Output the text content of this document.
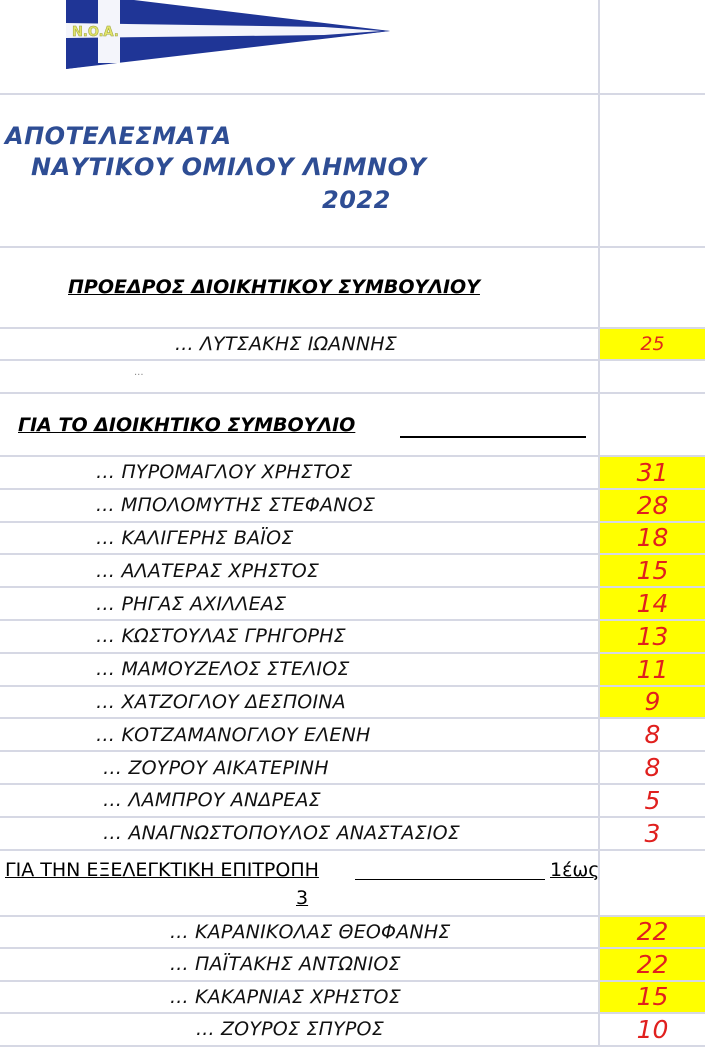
N.O.A.
ΑΠΟΤΕΛΕΣΜΑΤΑ
ΝΑΥΤΙΚΟΥ ΟΜΙΛΟΥ ΛΗΜΝΟΥ
2022
ΠΡΟΕΔΡΟΣ ΔΙΟΙΚΗΤΙΚΟΥ ΣΥΜΒΟΥΛΙΟΥ
... ΛΥΤΣΑΚΗΣ ΙΩΑΝΝΗΣ	25
...
ΓΙΑ ΤΟ ΔΙΟΙΚΗΤΙΚΟ ΣΥΜΒΟΥΛΙΟ
… ΠΥΡΟΜΑΓΛΟΥ ΧΡΗΣΤΟΣ	31
... ΜΠΟΛΟΜΥΤΗΣ ΣΤΕΦΑΝΟΣ	28
… ΚΑΛΙΓΕΡΗΣ ΒΑΪΟΣ	18
… ΑΛΑΤΕΡΑΣ ΧΡΗΣΤΟΣ	15
… ΡΗΓΑΣ ΑΧΙΛΛΕΑΣ	14
… ΚΩΣΤΟΥΛΑΣ ΓΡΗΓΟΡΗΣ	13
… ΜΑΜΟΥΖΕΛΟΣ ΣΤΕΛΙΟΣ	11
… ΧΑΤΖΟΓΛΟΥ ΔΕΣΠΟΙΝΑ	9
… ΚΟΤΖΑΜΑΝΟΓΛΟΥ ΕΛΕΝΗ	8
… ΖΟΥΡΟΥ ΑΙΚΑΤΕΡΙΝΗ	8
… ΛΑΜΠΡΟΥ ΑΝΔΡΕΑΣ	5
… ΑΝΑΓΝΩΣΤΟΠΟΥΛΟΣ ΑΝΑΣΤΑΣΙΟΣ	3
ΓΙΑ ΤΗΝ ΕΞΕΛΕΓΚΤΙΚΗ ΕΠΙΤΡΟΠΗ	1έως
3
... ΚΑΡΑΝΙΚΟΛΑΣ ΘΕΟΦΑΝΗΣ	22
... ΠΑΪΤΑΚΗΣ ΑΝΤΩΝΙΟΣ	22
... ΚΑΚΑΡΝΙΑΣ ΧΡΗΣΤΟΣ	15
... ΖΟΥΡΟΣ ΣΠΥΡΟΣ	10
